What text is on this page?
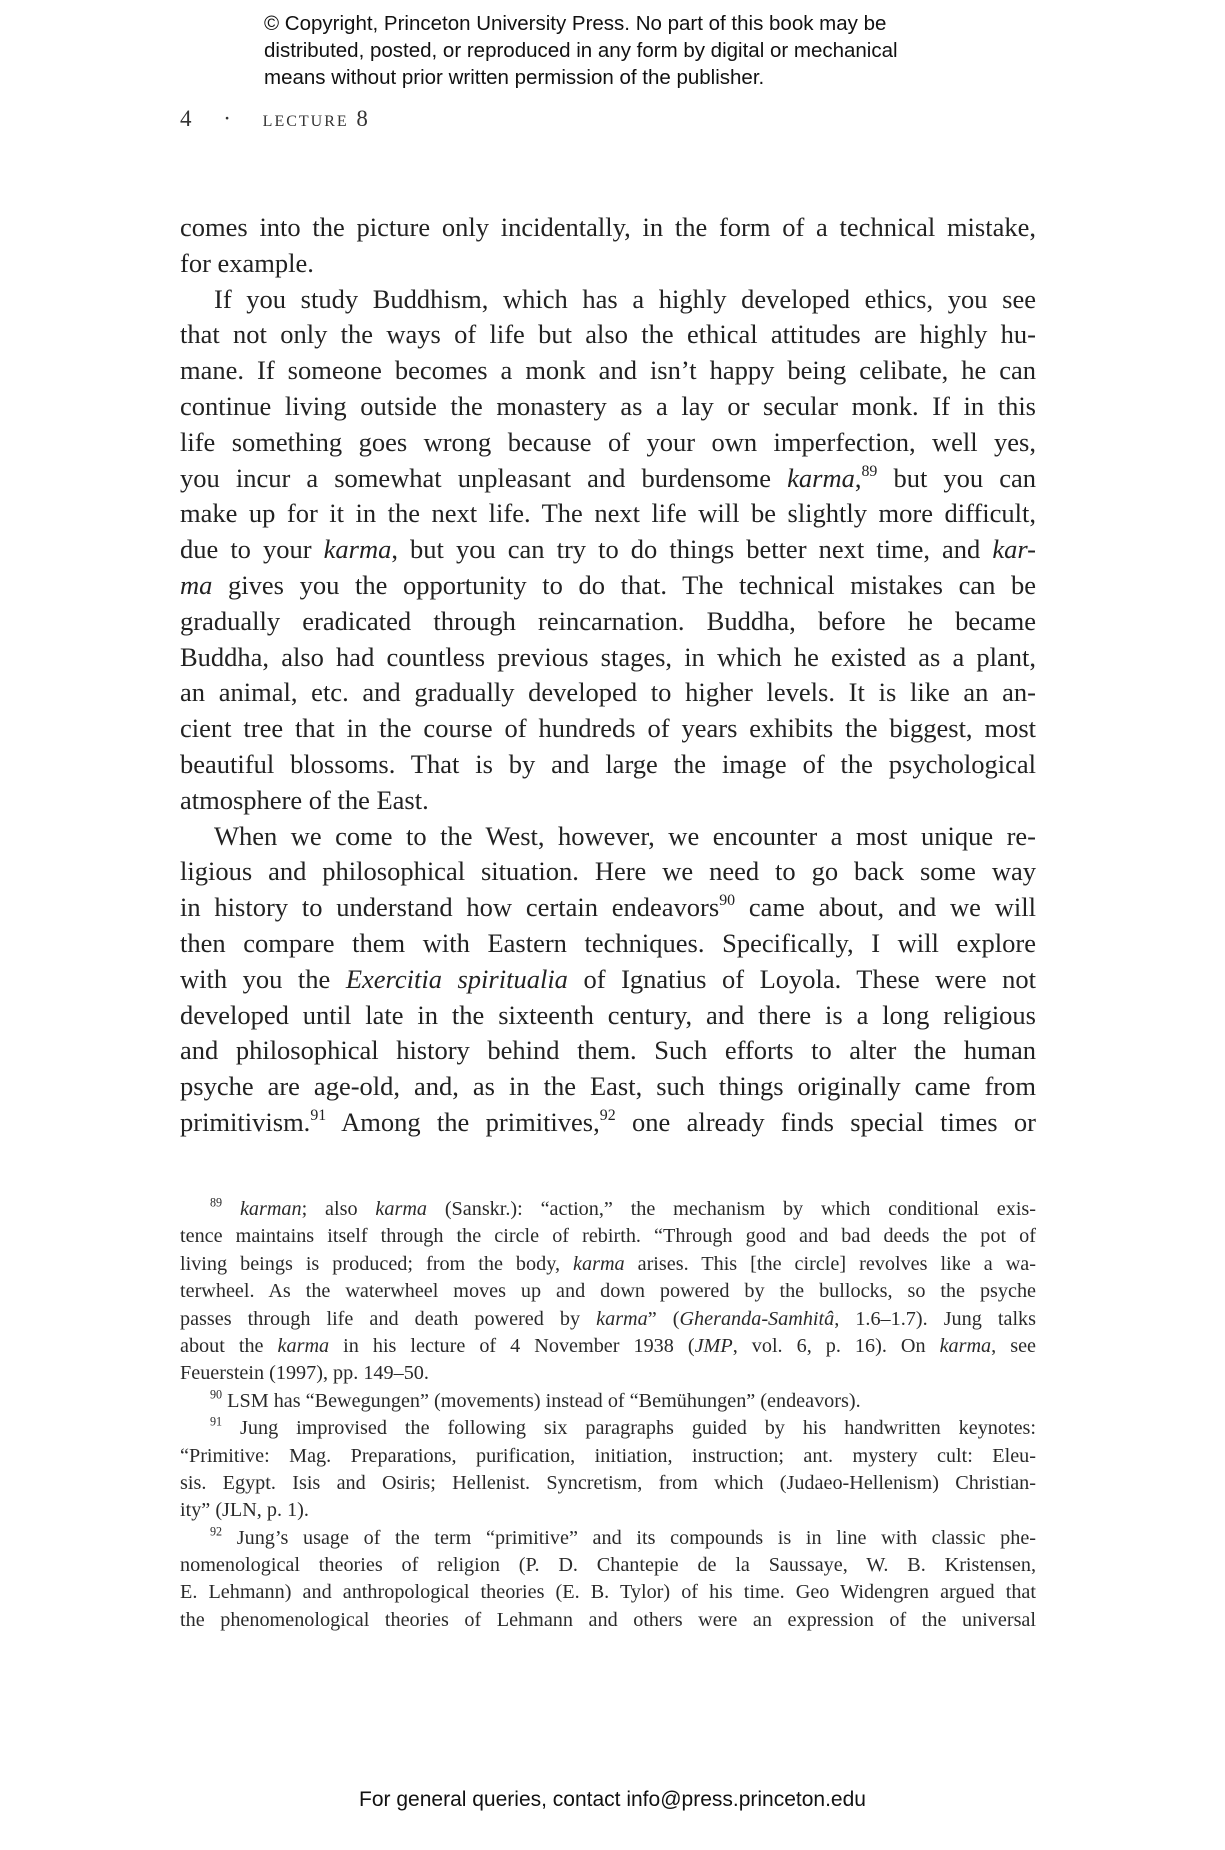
© Copyright, Princeton University Press. No part of this book may be
distributed, posted, or reproduced in any form by digital or mechanical
means without prior written permission of the publisher.
4 · lecture 8
comes into the picture only incidentally, in the form of a technical mistake,
for example.
If you study Buddhism, which has a highly developed ethics, you see
that not only the ways of life but also the ethical attitudes are highly hu-
mane. If someone becomes a monk and isn’t happy being celibate, he can
continue living outside the monastery as a lay or secular monk. If in this
life something goes wrong because of your own imperfection, well yes,
you incur a somewhat unpleasant and burdensome karma,$^{89}$ but you can
make up for it in the next life. The next life will be slightly more difficult,
due to your karma, but you can try to do things better next time, and kar-
ma gives you the opportunity to do that. The technical mistakes can be
gradually eradicated through reincarnation. Buddha, before he became
Buddha, also had countless previous stages, in which he existed as a plant,
an animal, etc. and gradually developed to higher levels. It is like an an-
cient tree that in the course of hundreds of years exhibits the biggest, most
beautiful blossoms. That is by and large the image of the psychological
atmosphere of the East.
When we come to the West, however, we encounter a most unique re-
ligious and philosophical situation. Here we need to go back some way
in history to understand how certain endeavors$^{90}$ came about, and we will
then compare them with Eastern techniques. Specifically, I will explore
with you the Exercitia spiritualia of Ignatius of Loyola. These were not
developed until late in the sixteenth century, and there is a long religious
and philosophical history behind them. Such efforts to alter the human
psyche are age-old, and, as in the East, such things originally came from
primitivism.$^{91}$ Among the primitives,$^{92}$ one already finds special times or
$^{89}$ karman; also karma (Sanskr.): “action,” the mechanism by which conditional exis-
tence maintains itself through the circle of rebirth. “Through good and bad deeds the pot of
living beings is produced; from the body, karma arises. This [the circle] revolves like a wa-
terwheel. As the waterwheel moves up and down powered by the bullocks, so the psyche
passes through life and death powered by karma” (Gheranda-Samhitâ, 1.6–1.7). Jung talks
about the karma in his lecture of 4 November 1938 (JMP, vol. 6, p. 16). On karma, see
Feuerstein (1997), pp. 149–50.
$^{90}$ LSM has “Bewegungen” (movements) instead of “Bemühungen” (endeavors).
$^{91}$ Jung improvised the following six paragraphs guided by his handwritten keynotes:
“Primitive: Mag. Preparations, purification, initiation, instruction; ant. mystery cult: Eleu-
sis. Egypt. Isis and Osiris; Hellenist. Syncretism, from which (Judaeo-Hellenism) Christian-
ity” (JLN, p. 1).
$^{92}$ Jung’s usage of the term “primitive” and its compounds is in line with classic phe-
nomenological theories of religion (P. D. Chantepie de la Saussaye, W. B. Kristensen,
E. Lehmann) and anthropological theories (E. B. Tylor) of his time. Geo Widengren argued that
the phenomenological theories of Lehmann and others were an expression of the universal
For general queries, contact info@press.princeton.edu
